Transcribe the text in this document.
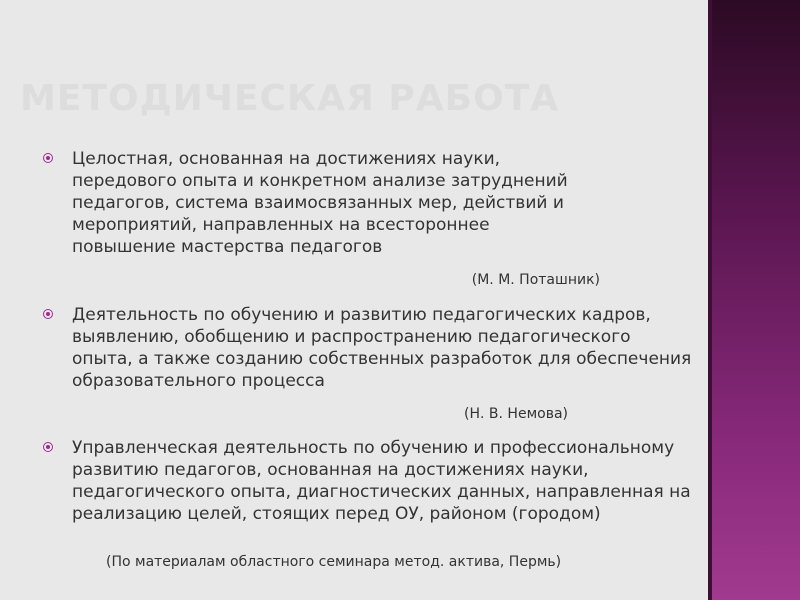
МЕТОДИЧЕСКАЯ РАБОТА
Целостная, основанная на достижениях науки, передового опыта и конкретном анализе затруднений педагогов, система взаимосвязанных мер, действий и мероприятий, направленных на всестороннее повышение мастерства педагогов
(М. М. Поташник)
Деятельность по обучению и развитию педагогических кадров, выявлению, обобщению и распространению педагогического опыта, а также созданию собственных разработок для обеспечения образовательного процесса
(Н. В. Немова)
Управленческая деятельность по обучению и профессиональному развитию педагогов, основанная на достижениях науки, педагогического опыта, диагностических данных, направленная на реализацию целей, стоящих перед ОУ, районом (городом)
(По материалам областного семинара метод. актива, Пермь)
